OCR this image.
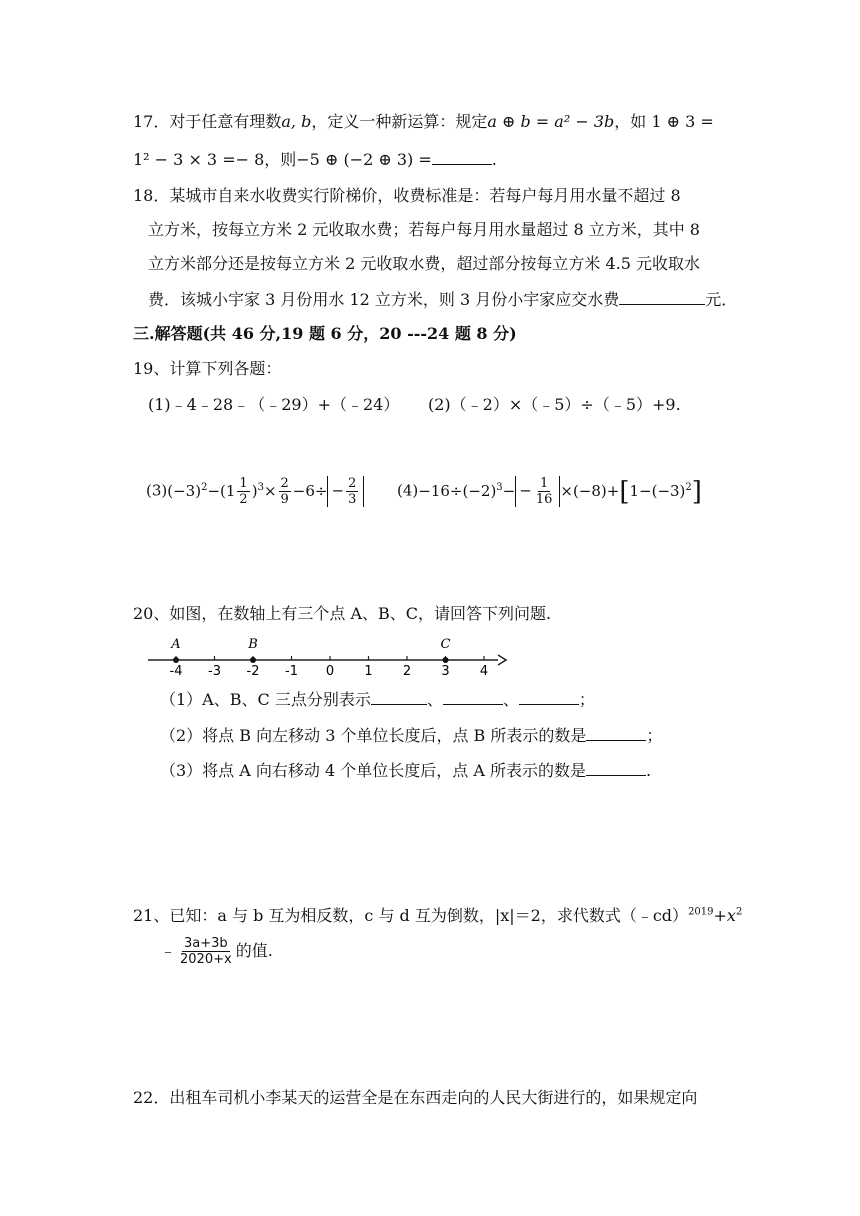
17．对于任意有理数a, b，定义一种新运算：规定a ⊕ b = a² − 3b，如 1 ⊕ 3 =
1² − 3 × 3 =− 8，则−5 ⊕ (−2 ⊕ 3) =	.
18．某城市自来水收费实行阶梯价，收费标准是：若每户每月用水量不超过 8
立方米，按每立方米 2 元收取水费；若每户每月用水量超过 8 立方米，其中 8
立方米部分还是按每立方米 2 元收取水费，超过部分按每立方米 4.5 元收取水
费．该城小宇家 3 月份用水 12 立方米，则 3 月份小宇家应交水费	元．
三.解答题(共 46 分,19 题 6 分，20 ---24 题 8 分)
19、计算下列各题：
(1)﹣4﹣28﹣（﹣29）+（﹣24） (2)（﹣2）×（﹣5）÷（﹣5）+9.
$(3)(-3)^2-(1 \frac{1}{2} )^3\times \frac{2}{9} -6\div - \frac{2}{3}$	$(4)-16\div(-2)^3- - \frac{1}{16} \times(-8)+[1-(-3)^2]$
20、如图，在数轴上有三个点 A、B、C，请回答下列问题.
-4 -3 -2 -1 0 1 2 3 4
A	B	C
（1）A、B、C 三点分别表示	、	、	；
（2）将点 B 向左移动 3 个单位长度后，点 B 所表示的数是	；
（3）将点 A 向右移动 4 个单位长度后，点 A 所表示的数是	.
21、已知：a 与 b 互为相反数，c 与 d 互为倒数，|x|＝2，求代数式$(﹣cd)^{2019}+x^2$
﹣ $\frac{3a+3b}{2020+x}$ 的值.
22．出租车司机小李某天的运营全是在东西走向的人民大街进行的，如果规定向
